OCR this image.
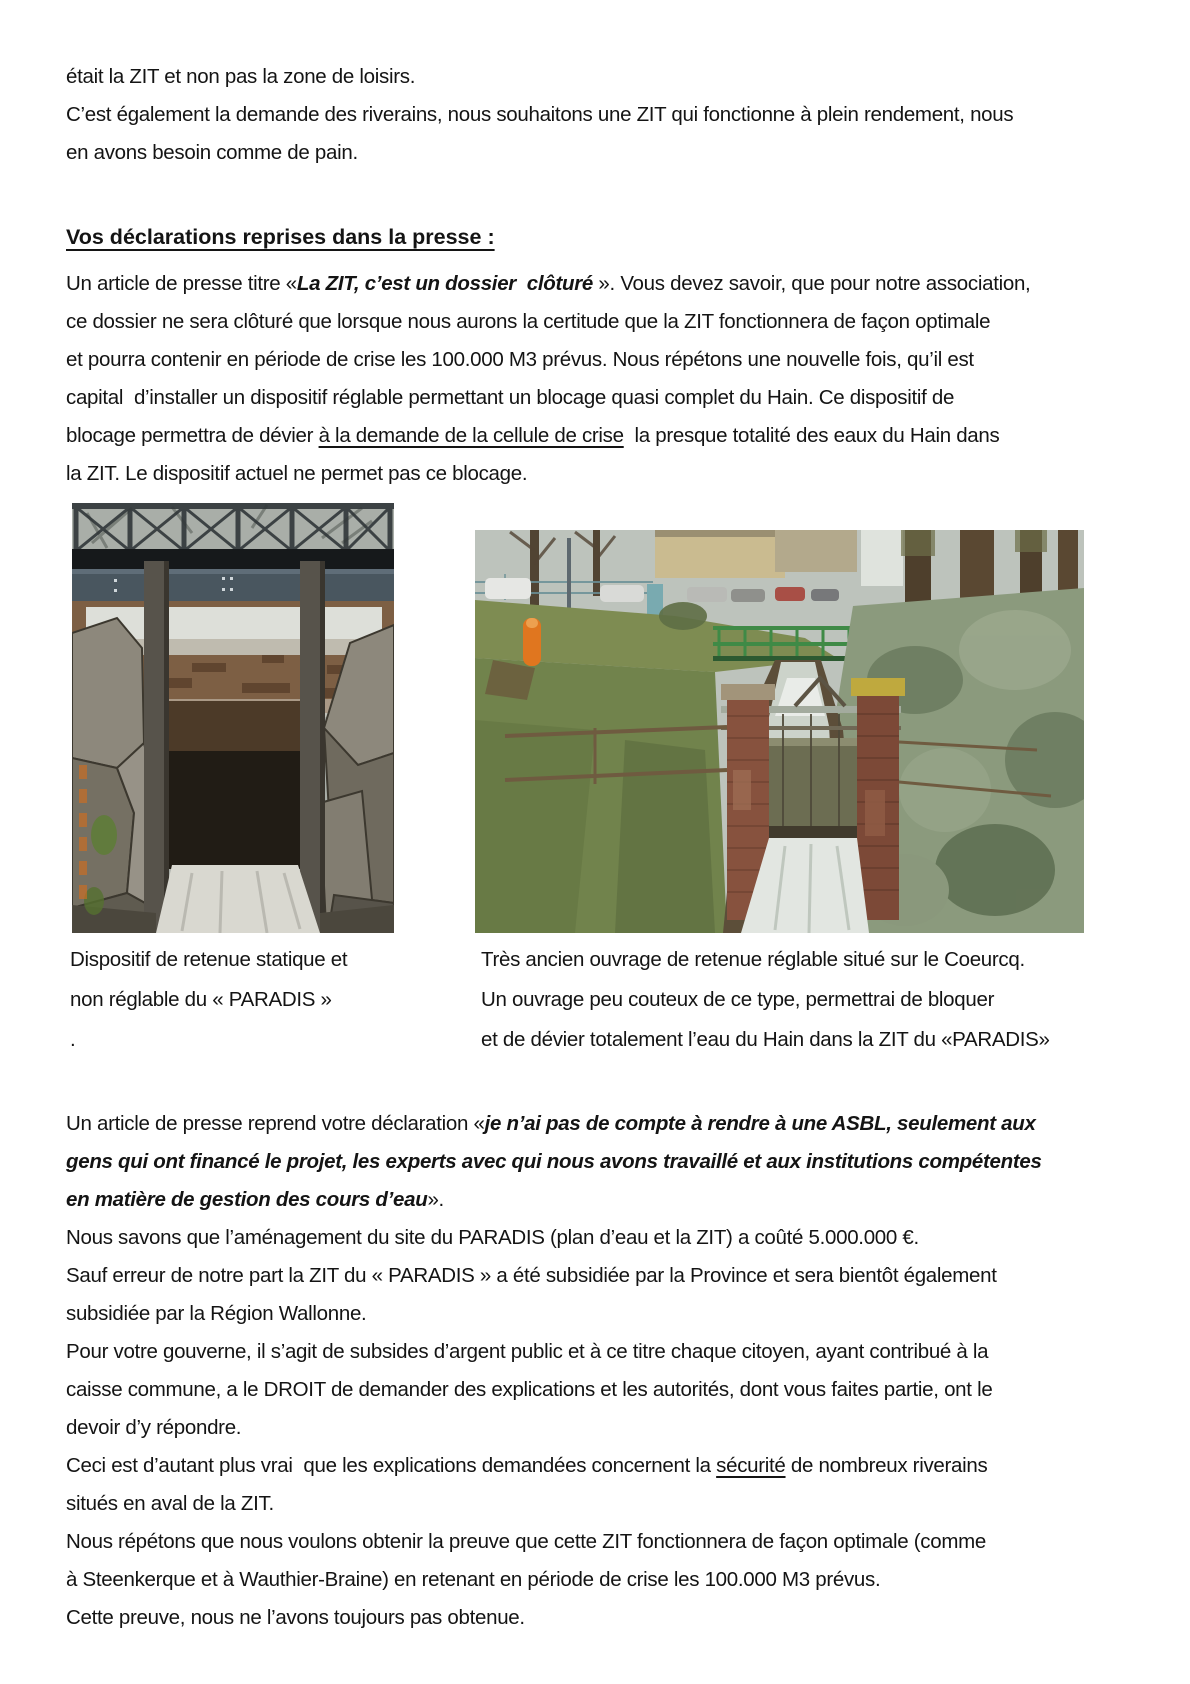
était la ZIT et non pas la zone de loisirs.
C’est également la demande des riverains, nous souhaitons une ZIT qui fonctionne à plein rendement, nous
en avons besoin comme de pain.
Vos déclarations reprises dans la presse :
Un article de presse titre «La ZIT, c’est un dossier  clôturé ». Vous devez savoir, que pour notre association,
ce dossier ne sera clôturé que lorsque nous aurons la certitude que la ZIT fonctionnera de façon optimale
et pourra contenir en période de crise les 100.000 M3 prévus. Nous répétons une nouvelle fois, qu’il est
capital  d’installer un dispositif réglable permettant un blocage quasi complet du Hain. Ce dispositif de
blocage permettra de dévier à la demande de la cellule de crise  la presque totalité des eaux du Hain dans
la ZIT. Le dispositif actuel ne permet pas ce blocage.
Dispositif de retenue statique et
non réglable du « PARADIS »
.
Très ancien ouvrage de retenue réglable situé sur le Coeurcq.
Un ouvrage peu couteux de ce type, permettrai de bloquer
et de dévier totalement l’eau du Hain dans la ZIT du «PARADIS»
Un article de presse reprend votre déclaration «je n’ai pas de compte à rendre à une ASBL, seulement aux
gens qui ont financé le projet, les experts avec qui nous avons travaillé et aux institutions compétentes
en matière de gestion des cours d’eau».
Nous savons que l’aménagement du site du PARADIS (plan d’eau et la ZIT) a coûté 5.000.000 €.
Sauf erreur de notre part la ZIT du « PARADIS » a été subsidiée par la Province et sera bientôt également
subsidiée par la Région Wallonne.
Pour votre gouverne, il s’agit de subsides d’argent public et à ce titre chaque citoyen, ayant contribué à la
caisse commune, a le DROIT de demander des explications et les autorités, dont vous faites partie, ont le
devoir d’y répondre.
Ceci est d’autant plus vrai  que les explications demandées concernent la sécurité de nombreux riverains
situés en aval de la ZIT.
Nous répétons que nous voulons obtenir la preuve que cette ZIT fonctionnera de façon optimale (comme
à Steenkerque et à Wauthier-Braine) en retenant en période de crise les 100.000 M3 prévus.
Cette preuve, nous ne l’avons toujours pas obtenue.
